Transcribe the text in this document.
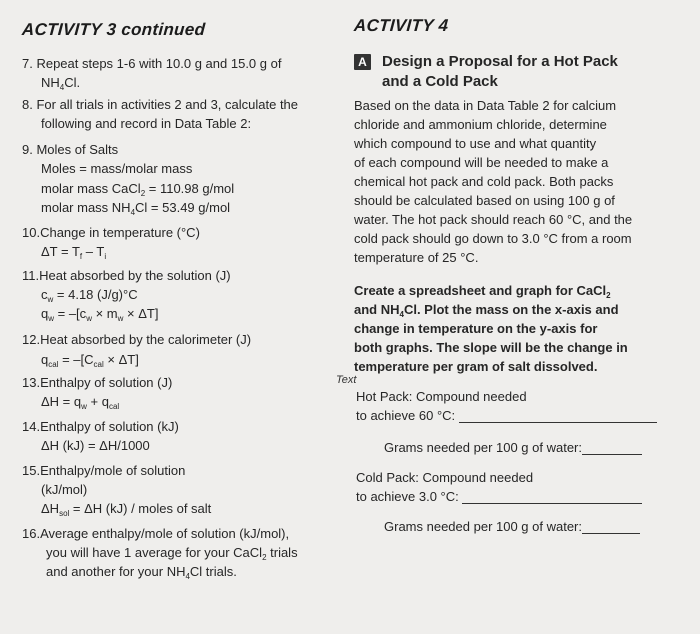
ACTIVITY 3 continued
7. Repeat steps 1-6 with 10.0 g and 15.0 g of
$NH_4Cl$.
8. For all trials in activities 2 and 3, calculate the
following and record in Data Table 2:
9. Moles of Salts
Moles = mass/molar mass
molar mass CaCl$_2$ = 110.98 g/mol
molar mass $NH_4Cl = 53.49$ g/mol
10.Change in temperature (°C)
$\Delta T = T_f - T_i$
11.Heat absorbed by the solution (J)
$c_w = 4.18$ (J/g)°C
$q_w = -[c_w \times m_w \times \Delta T]$
12.Heat absorbed by the calorimeter (J)
$q_{cal} = -[C_{cal} \times \Delta T]$
13.Enthalpy of solution (J)
$\Delta H = q_w + q_{cal}$
14.Enthalpy of solution (kJ)
ΔH (kJ) = ΔH/1000
15.Enthalpy/mole of solution
(kJ/mol)
$\Delta H_{sol} = \Delta H$ (kJ) / moles of salt
16.Average enthalpy/mole of solution (kJ/mol),
you will have 1 average for your CaCl$_2$ trials
and another for your $NH_4Cl$ trials.
ACTIVITY 4
A Design a Proposal for a Hot Pack
and a Cold Pack
Based on the data in Data Table 2 for calcium
chloride and ammonium chloride, determine
which compound to use and what quantity
of each compound will be needed to make a
chemical hot pack and cold pack. Both packs
should be calculated based on using 100 g of
water. The hot pack should reach 60 °C, and the
cold pack should go down to 3.0 °C from a room
temperature of 25 °C.
Create a spreadsheet and graph for CaCl$_2$
and $NH_4Cl$. Plot the mass on the x-axis and
change in temperature on the y-axis for
both graphs. The slope will be the change in
temperature per gram of salt dissolved.
Text
Hot Pack: Compound needed
to achieve 60 °C:
Grams needed per 100 g of water:
Cold Pack: Compound needed
to achieve 3.0 °C:
Grams needed per 100 g of water:
